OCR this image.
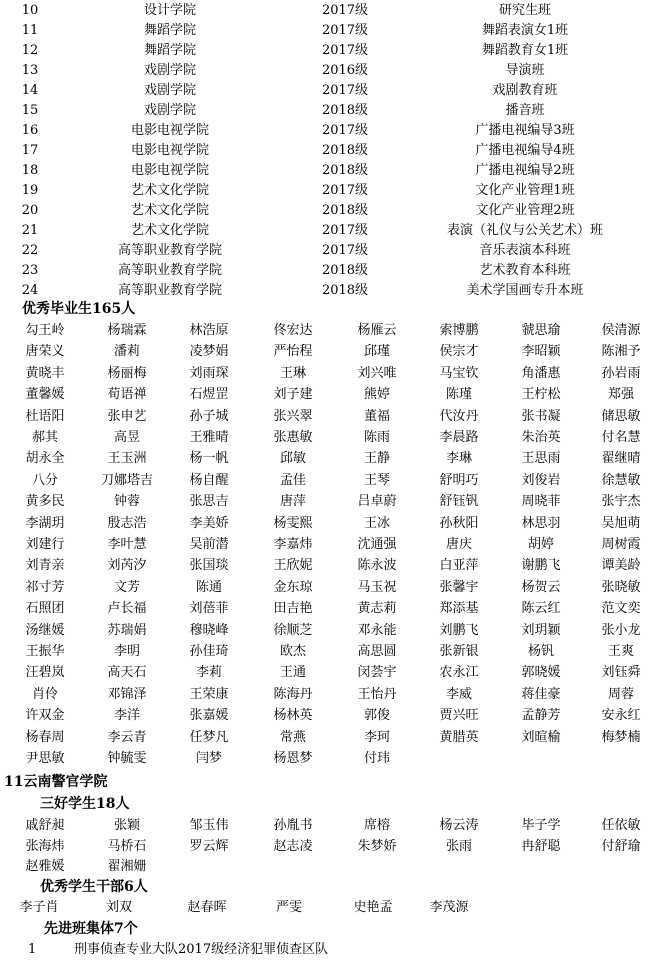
10	设计学院	2017级	研究生班
11	舞蹈学院	2017级	舞蹈表演女1班
12	舞蹈学院	2017级	舞蹈教育女1班
13	戏剧学院	2016级	导演班
14	戏剧学院	2017级	戏剧教育班
15	戏剧学院	2018级	播音班
16	电影电视学院	2017级	广播电视编导3班
17	电影电视学院	2018级	广播电视编导4班
18	电影电视学院	2018级	广播电视编导2班
19	艺术文化学院	2017级	文化产业管理1班
20	艺术文化学院	2018级	文化产业管理2班
21	艺术文化学院	2017级	表演（礼仪与公关艺术）班
22	高等职业教育学院	2017级	音乐表演本科班
23	高等职业教育学院	2018级	艺术教育本科班
24	高等职业教育学院	2018级	美术学国画专升本班
优秀毕业生165人
勾王岭	杨瑞霖	林浩原	佟宏达	杨雁云	索博鹏	虢思瑜	侯清源
唐荣义	潘莉	凌梦娟	严怡程	邱瑾	侯宗才	李昭颖	陈湘予
黄晓丰	杨丽梅	刘雨琛	王琳	刘兴唯	马宝钦	角潘惠	孙岩雨
董馨媛	荀语禅	石煜罡	刘子建	熊婷	陈瑾	王柠松	郑强
杜语阳	张申艺	孙子城	张兴翠	董福	代汝丹	张书凝	储思敏
郝其	高昱	王雅晴	张惠敏	陈雨	李晨路	朱治英	付名慧
胡永全	王玉洲	杨一帆	邱敏	王静	李琳	王思雨	翟继晴
八分	刀娜塔吉	杨自醒	孟佳	王琴	舒明巧	刘俊岩	徐慧敏
黄多民	钟蓉	张思吉	唐萍	吕卓蔚	舒钰钒	周晓菲	张宇杰
李湖玥	殷志浩	李美娇	杨雯熙	王冰	孙秋阳	林思羽	吴旭萌
刘建行	李叶慧	吴前潜	李嘉炜	沈通强	唐庆	胡婷	周树霞
刘青亲	刘芮汐	张国琰	王欣妮	陈永波	白亚萍	谢鹏飞	谭美龄
祁寸芳	文芳	陈通	金东琼	马玉祝	张馨宇	杨贺云	张晓敏
石照团	卢长福	刘蓓菲	田吉艳	黄志莉	郑添基	陈云红	范文奕
汤继媛	苏瑞娟	穆晓峰	徐顺芝	邓永能	刘鹏飞	刘玥颖	张小龙
王振华	李明	孙佳琦	欧杰	高思圆	张新银	杨钒	王爽
汪碧岚	高天石	李莉	王通	闵荟宇	农永江	郭晓媛	刘钰舜
肖伶	邓锦泽	王荣康	陈海丹	王怡丹	李威	蒋佳豪	周蓉
许双金	李洋	张嘉媛	杨林英	郭俊	贾兴旺	孟静芳	安永红
杨春周	李云青	任梦凡	常燕	李珂	黄腊英	刘暄榆	梅梦楠
尹思敏	钟毓雯	闫梦	杨恩梦	付玮
11云南警官学院
三好学生18人
戚舒昶	张颖	邹玉伟	孙胤书	席榕	杨云涛	毕子学	任依敏
张海炜	马桥石	罗云辉	赵志凌	朱梦娇	张雨	冉舒聪	付舒瑜
赵雅媛	翟湘姗
优秀学生干部6人
李子肖	刘双	赵春晖	严雯	史艳孟	李茂源
先进班集体7个
1	刑事侦查专业大队2017级经济犯罪侦查区队
